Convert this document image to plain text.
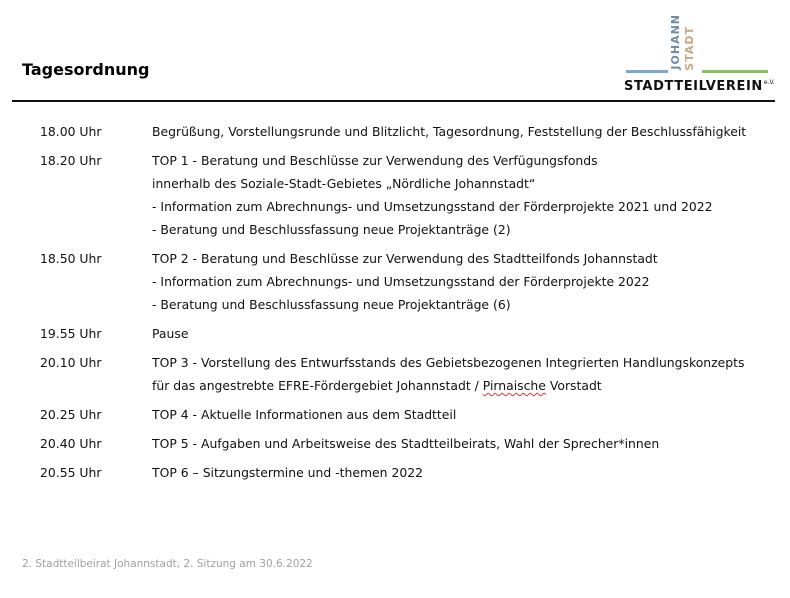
Tagesordnung	JOHANN STADT
$STADTTEILVEREIN^{e.V.}$
18.00 Uhr	Begrüßung, Vorstellungsrunde und Blitzlicht, Tagesordnung, Feststellung der Beschlussfähigkeit
18.20 Uhr	TOP 1 - Beratung und Beschlüsse zur Verwendung des Verfügungsfonds
innerhalb des Soziale-Stadt-Gebietes „Nördliche Johannstadt“
- Information zum Abrechnungs- und Umsetzungsstand der Förderprojekte 2021 und 2022
- Beratung und Beschlussfassung neue Projektanträge (2)
18.50 Uhr	TOP 2 - Beratung und Beschlüsse zur Verwendung des Stadtteilfonds Johannstadt
- Information zum Abrechnungs- und Umsetzungsstand der Förderprojekte 2022
- Beratung und Beschlussfassung neue Projektanträge (6)
19.55 Uhr	Pause
20.10 Uhr	TOP 3 - Vorstellung des Entwurfsstands des Gebietsbezogenen Integrierten Handlungskonzepts
für das angestrebte EFRE-Fördergebiet Johannstadt / Pirnaische Vorstadt
20.25 Uhr	TOP 4 - Aktuelle Informationen aus dem Stadtteil
20.40 Uhr	TOP 5 - Aufgaben und Arbeitsweise des Stadtteilbeirats, Wahl der Sprecher*innen
20.55 Uhr	TOP 6 – Sitzungstermine und -themen 2022
2. Stadtteilbeirat Johannstadt, 2. Sitzung am 30.6.2022
